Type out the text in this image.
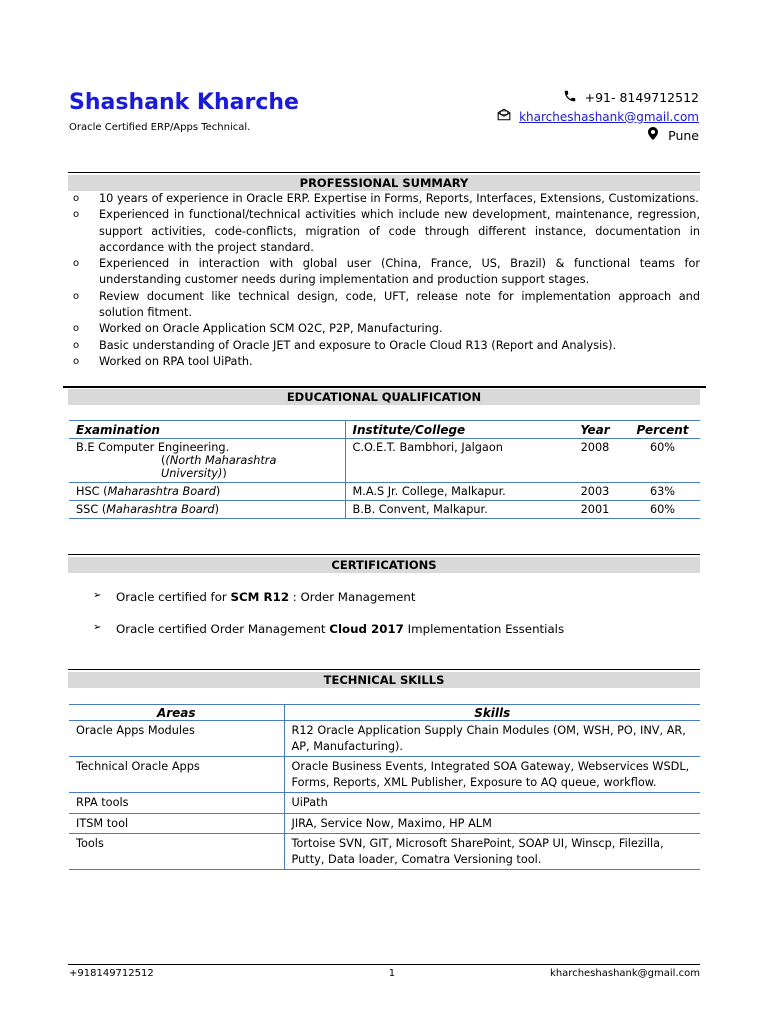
Shashank Kharche
Oracle Certified ERP/Apps Technical.
+91- 8149712512
kharcheshashank@gmail.com
Pune
PROFESSIONAL SUMMARY
o	10 years of experience in Oracle ERP. Expertise in Forms, Reports, Interfaces, Extensions, Customizations.
o	Experienced in functional/technical activities which include new development, maintenance, regression, support activities, code-conflicts, migration of code through different instance, documentation in accordance with the project standard.
o	Experienced in interaction with global user (China, France, US, Brazil) & functional teams for understanding customer needs during implementation and production support stages.
o	Review document like technical design, code, UFT, release note for implementation approach and solution fitment.
o	Worked on Oracle Application SCM O2C, P2P, Manufacturing.
o	Basic understanding of Oracle JET and exposure to Oracle Cloud R13 (Report and Analysis).
o	Worked on RPA tool UiPath.
EDUCATIONAL QUALIFICATION
Examination	Institute/College	Year	Percent

B.E Computer Engineering.
((North Maharashtra University))	C.O.E.T. Bambhori, Jalgaon	2008	60%
HSC (Maharashtra Board)	M.A.S Jr. College, Malkapur.	2003	63%
SSC (Maharashtra Board)	B.B. Convent, Malkapur.	2001	60%
CERTIFICATIONS
➢	Oracle certified for SCM R12 : Order Management
➢	Oracle certified Order Management Cloud 2017 Implementation Essentials
TECHNICAL SKILLS
Areas	Skills
Oracle Apps Modules	R12 Oracle Application Supply Chain Modules (OM, WSH, PO, INV, AR, AP, Manufacturing).
Technical Oracle Apps	Oracle Business Events, Integrated SOA Gateway, Webservices WSDL, Forms, Reports, XML Publisher, Exposure to AQ queue, workflow.
RPA tools	UiPath
ITSM tool	JIRA, Service Now, Maximo, HP ALM
Tools	Tortoise SVN, GIT, Microsoft SharePoint, SOAP UI, Winscp, Filezilla, Putty, Data loader, Comatra Versioning tool.
+918149712512	1	kharcheshashank@gmail.com
